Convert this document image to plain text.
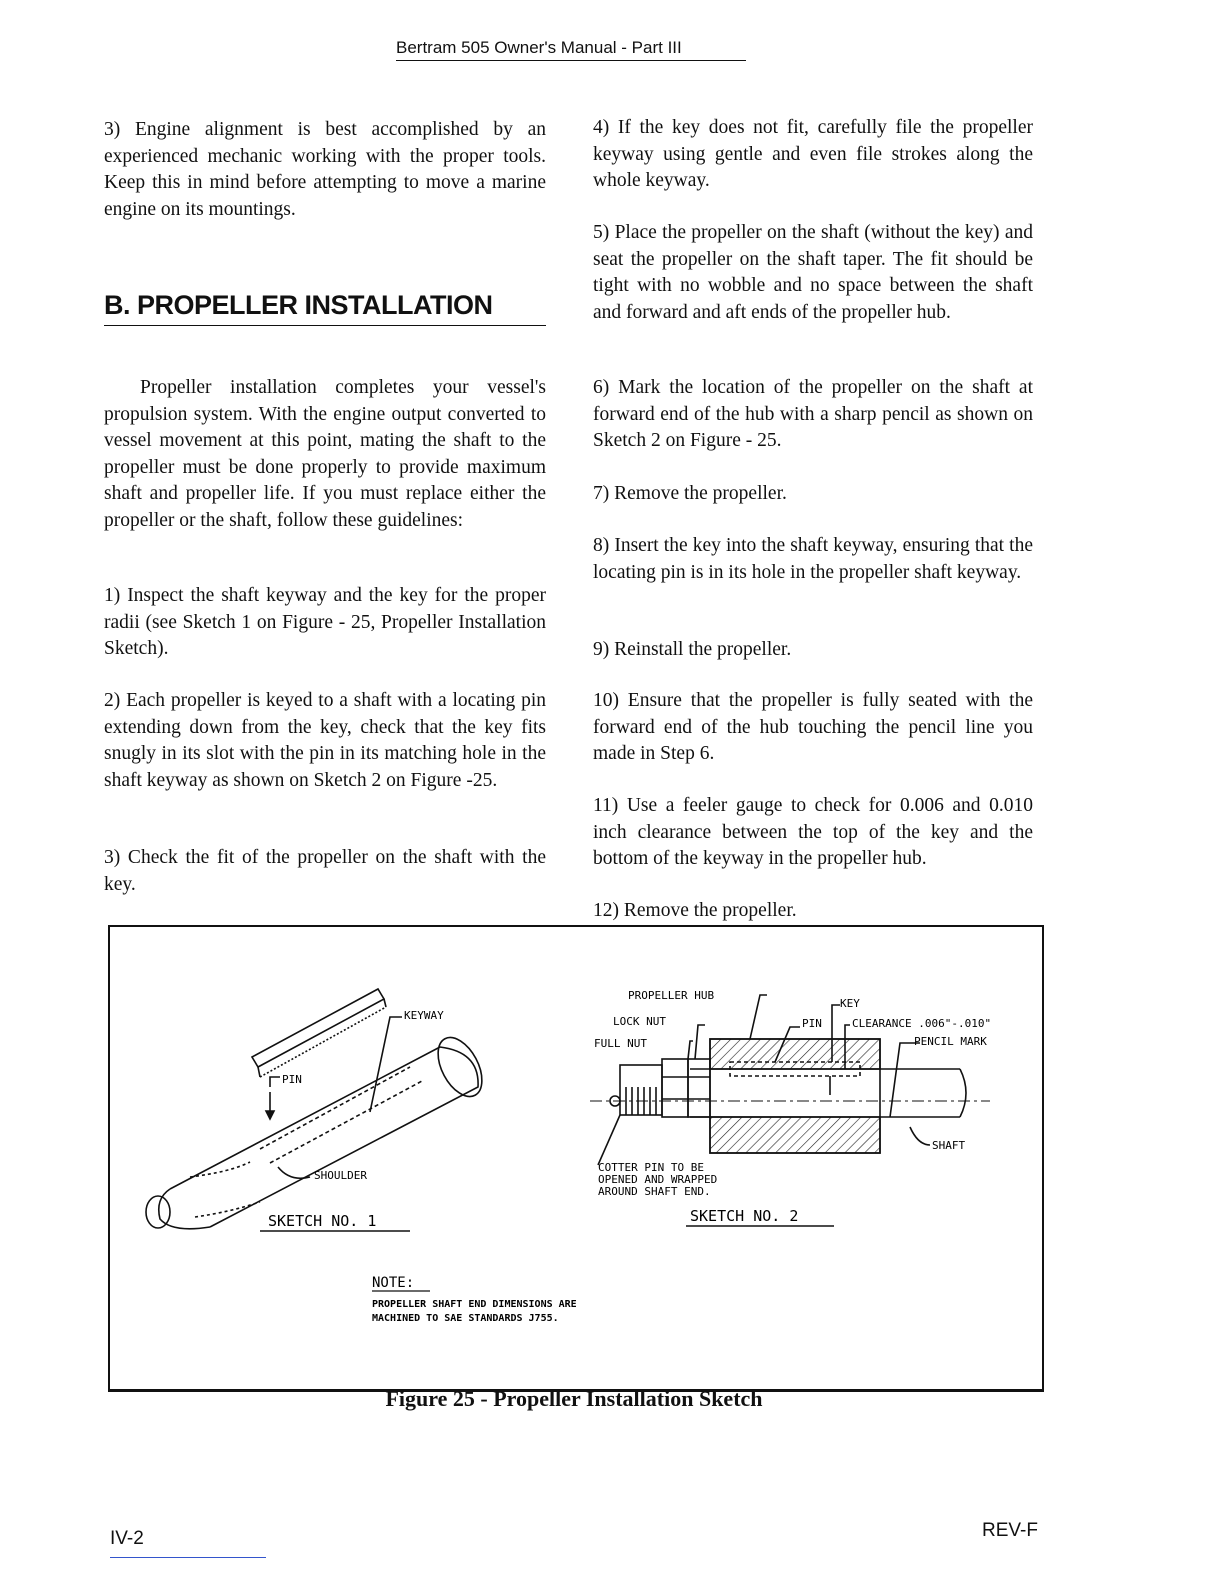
Bertram 505 Owner's Manual - Part III

3) Engine alignment is best accomplished by an experienced mechanic working with the proper tools. Keep this in mind before attempting to move a marine engine on its mountings.

B. PROPELLER INSTALLATION

Propeller installation completes your vessel's propulsion system. With the engine output converted to vessel movement at this point, mating the shaft to the propeller must be done properly to provide maximum shaft and propeller life. If you must replace either the propeller or the shaft, follow these guidelines:

1) Inspect the shaft keyway and the key for the proper radii (see Sketch 1 on Figure - 25, Propeller Installation Sketch).

2) Each propeller is keyed to a shaft with a locating pin extending down from the key, check that the key fits snugly in its slot with the pin in its matching hole in the shaft keyway as shown on Sketch 2 on Figure -25.

3) Check the fit of the propeller on the shaft with the key.

4) If the key does not fit, carefully file the propeller keyway using gentle and even file strokes along the whole keyway.

5) Place the propeller on the shaft (without the key) and seat the propeller on the shaft taper. The fit should be tight with no wobble and no space between the shaft and forward and aft ends of the propeller hub.

6) Mark the location of the propeller on the shaft at forward end of the hub with a sharp pencil as shown on Sketch 2 on Figure - 25.

7) Remove the propeller.

8) Insert the key into the shaft keyway, ensuring that the locating pin is in its hole in the propeller shaft keyway.

9) Reinstall the propeller.

10) Ensure that the propeller is fully seated with the forward end of the hub touching the pencil line you made in Step 6.

11) Use a feeler gauge to check for 0.006 and 0.010 inch clearance between the top of the key and the bottom of the keyway in the propeller hub.

12) Remove the propeller.

KEYWAY
PIN
SHOULDER
SKETCH NO. 1
PROPELLER HUB
KEY
LOCK NUT	PIN	CLEARANCE .006"-.010"
FULL NUT	PENCIL MARK
SHAFT
COTTER PIN TO BE
OPENED AND WRAPPED
AROUND SHAFT END.
SKETCH NO. 2
NOTE:
PROPELLER SHAFT END DIMENSIONS ARE
MACHINED TO SAE STANDARDS J755.
Figure 25 - Propeller Installation Sketch
IV-2	REV-F
